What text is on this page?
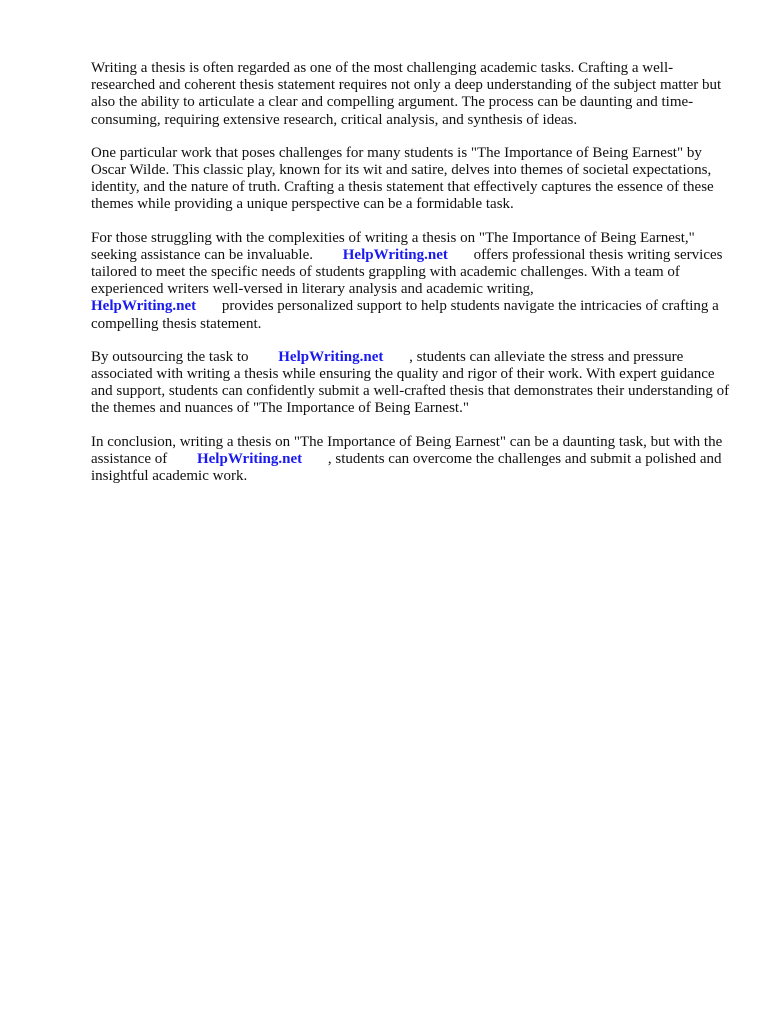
Writing a thesis is often regarded as one of the most challenging academic tasks. Crafting a well-researched and coherent thesis statement requires not only a deep understanding of the subject matter but also the ability to articulate a clear and compelling argument. The process can be daunting and time-consuming, requiring extensive research, critical analysis, and synthesis of ideas.

One particular work that poses challenges for many students is "The Importance of Being Earnest" by Oscar Wilde. This classic play, known for its wit and satire, delves into themes of societal expectations, identity, and the nature of truth. Crafting a thesis statement that effectively captures the essence of these themes while providing a unique perspective can be a formidable task.

For those struggling with the complexities of writing a thesis on "The Importance of Being Earnest," seeking assistance can be invaluable. HelpWriting.net offers professional thesis writing services tailored to meet the specific needs of students grappling with academic challenges. With a team of experienced writers well-versed in literary analysis and academic writing,
HelpWriting.net provides personalized support to help students navigate the intricacies of crafting a compelling thesis statement.

By outsourcing the task to HelpWriting.net , students can alleviate the stress and pressure associated with writing a thesis while ensuring the quality and rigor of their work. With expert guidance and support, students can confidently submit a well-crafted thesis that demonstrates their understanding of the themes and nuances of "The Importance of Being Earnest."

In conclusion, writing a thesis on "The Importance of Being Earnest" can be a daunting task, but with the assistance of HelpWriting.net , students can overcome the challenges and submit a polished and insightful academic work.
